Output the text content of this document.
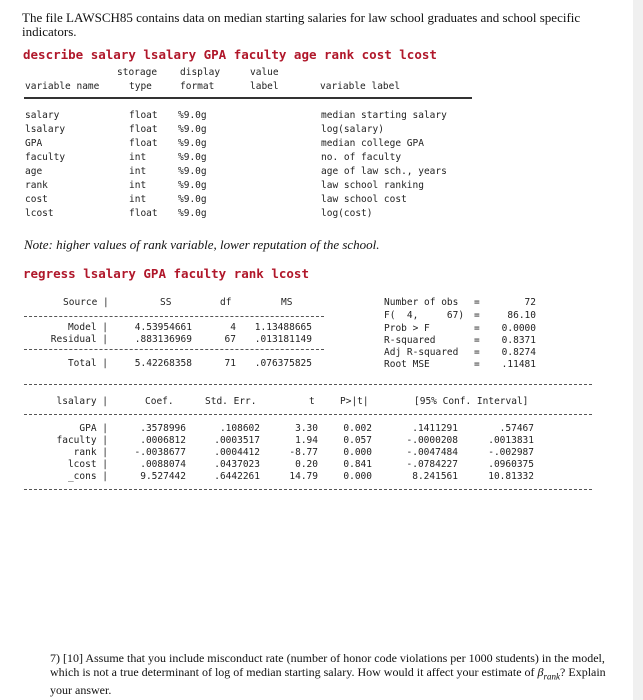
The file LAWSCH85 contains data on median starting salaries for law school graduates and school specific indicators.
describe salary lsalary GPA faculty age rank cost lcost
storage display	value
variable name	type	format	label	variable label
salary	float %9.0g	median starting salary
lsalary	float %9.0g	log(salary)
GPA	float %9.0g	median college GPA
faculty	int	%9.0g	no. of faculty
age	int	%9.0g	age of law sch., years
rank	int	%9.0g	law school ranking
cost	int	%9.0g	law school cost
lcost	float %9.0g	log(cost)
Note: higher values of rank variable, lower reputation of the school.
regress lsalary GPA faculty rank lcost
Source |	SS	df	MS
Model |	4.53954661	4	1.13488665
Residual |	.883136969	67	.013181149
Total |	5.42268358	71	.076375825
Number of obs =	72
F(  4,     67) =	86.10
Prob > F	=	0.0000
R-squared	=	0.8371
Adj R-squared =	0.8274
Root MSE	=	.11481
lsalary |	Coef.	Std. Err.	t	P>|t|	[95% Conf. Interval]
GPA |	.3578996	.108602	3.30	0.002	.1411291	.57467
faculty |	.0006812	.0003517	1.94	0.057	-.0000208	.0013831
rank |	-.0038677	.0004412	-8.77	0.000	-.0047484	-.002987
lcost |	.0088074	.0437023	0.20	0.841	-.0784227	.0960375
_cons |	9.527442	.6442261	14.79	0.000	8.241561	10.81332
7) [10] Assume that you include misconduct rate (number of honor code violations per 1000 students) in the model, which is not a true determinant of log of median starting salary. How would it affect your estimate of $\beta_{rank}$? Explain your answer.
